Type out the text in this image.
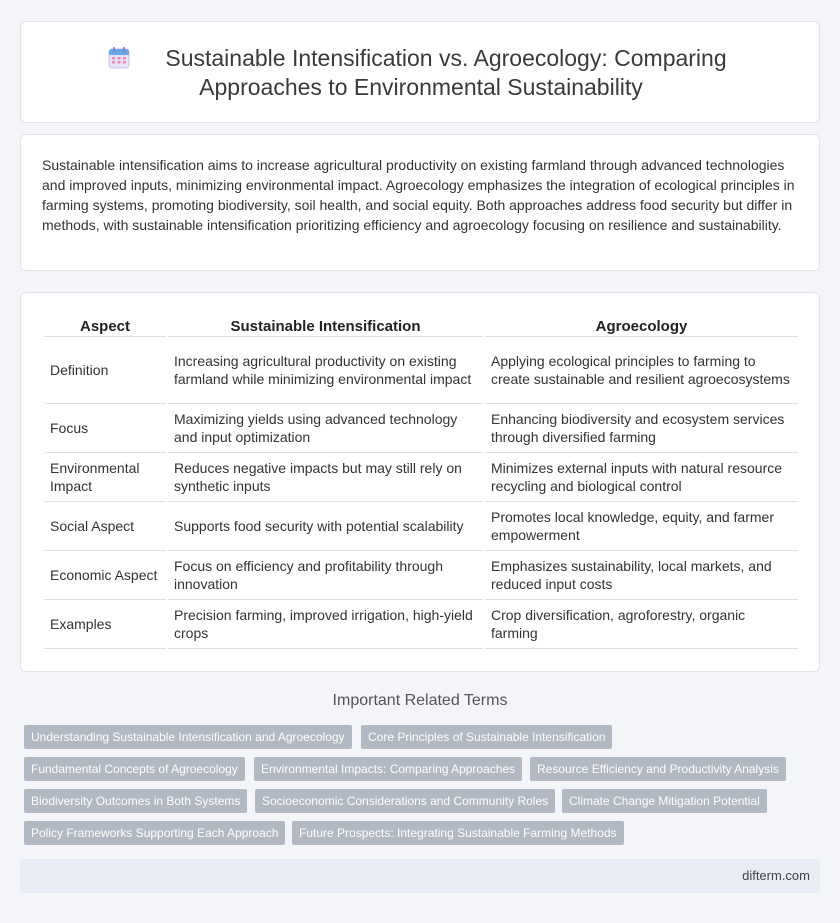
Sustainable Intensification vs. Agroecology: Comparing
Approaches to Environmental Sustainability

Sustainable intensification aims to increase agricultural productivity on existing farmland through advanced technologies and improved inputs, minimizing environmental impact. Agroecology emphasizes the integration of ecological principles in farming systems, promoting biodiversity, soil health, and social equity. Both approaches address food security but differ in methods, with sustainable intensification prioritizing efficiency and agroecology focusing on resilience and sustainability.

Aspect	Sustainable Intensification	Agroecology
Definition	Increasing agricultural productivity on existing farmland while minimizing environmental impact	Applying ecological principles to farming to create sustainable and resilient agroecosystems
Focus	Maximizing yields using advanced technology and input optimization	Enhancing biodiversity and ecosystem services through diversified farming
Environmental Impact	Reduces negative impacts but may still rely on synthetic inputs	Minimizes external inputs with natural resource recycling and biological control
Social Aspect	Supports food security with potential scalability	Promotes local knowledge, equity, and farmer empowerment
Economic Aspect	Focus on efficiency and profitability through innovation	Emphasizes sustainability, local markets, and reduced input costs
Examples	Precision farming, improved irrigation, high-yield crops	Crop diversification, agroforestry, organic farming
Important Related Terms
Understanding Sustainable Intensification and Agroecology	Core Principles of Sustainable Intensification
Fundamental Concepts of Agroecology	Environmental Impacts: Comparing Approaches	Resource Efficiency and Productivity Analysis
Biodiversity Outcomes in Both Systems	Socioeconomic Considerations and Community Roles	Climate Change Mitigation Potential
Policy Frameworks Supporting Each Approach	Future Prospects: Integrating Sustainable Farming Methods
difterm.com
